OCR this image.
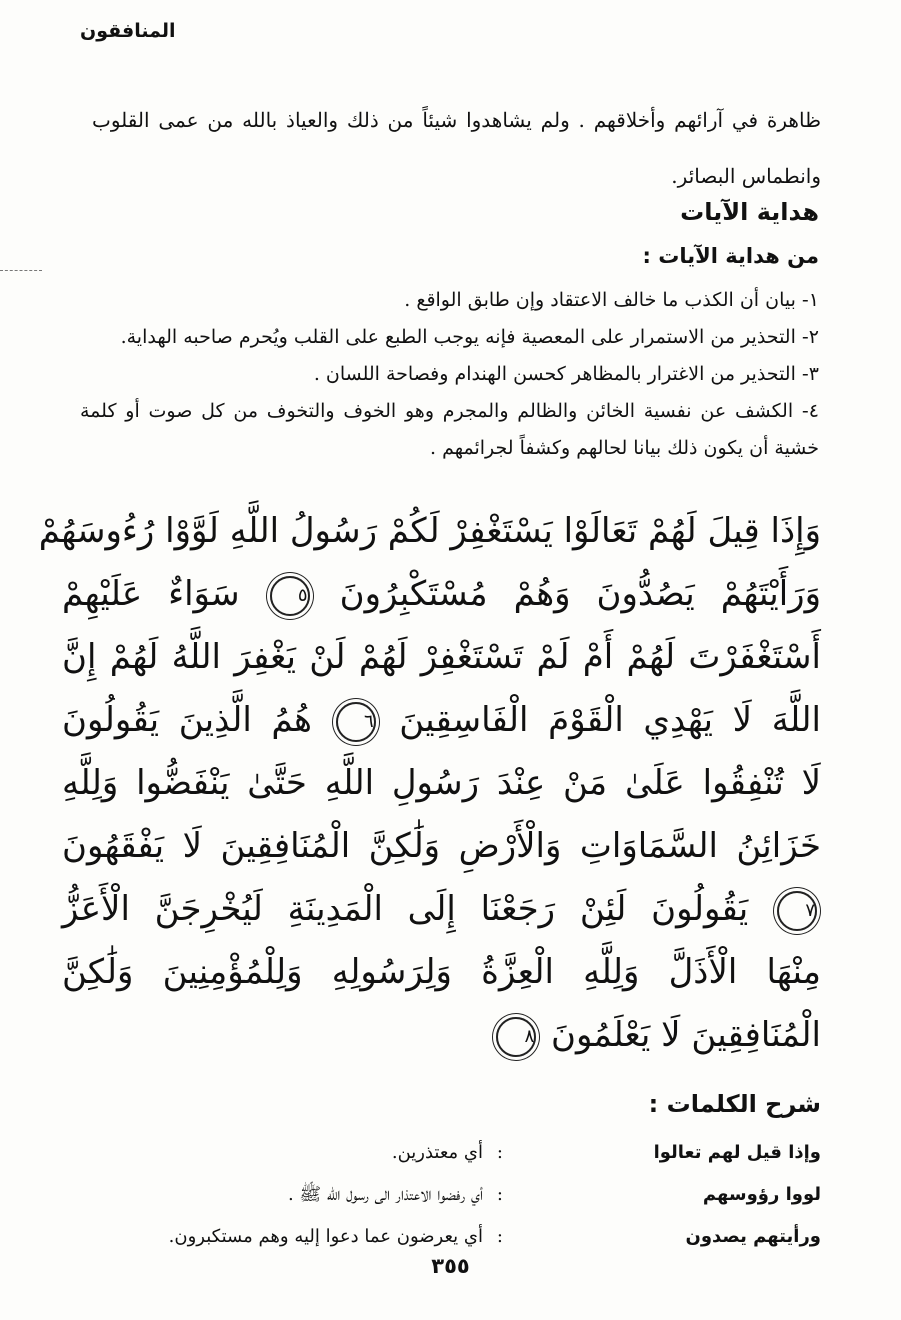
المنافقون

ظاهرة في آرائهم وأخلاقهم . ولم يشاهدوا شيئاً من ذلك والعياذ بالله من عمى القلوب وانطماس البصائر.

هداية الآيات
من هداية الآيات :
١- بيان أن الكذب ما خالف الاعتقاد وإن طابق الواقع .
٢- التحذير من الاستمرار على المعصية فإنه يوجب الطبع على القلب ويُحرم صاحبه الهداية.
٣- التحذير من الاغترار بالمظاهر كحسن الهندام وفصاحة اللسان .
٤- الكشف عن نفسية الخائن والظالم والمجرم وهو الخوف والتخوف من كل صوت أو كلمة خشية أن يكون ذلك بيانا لحالهم وكشفاً لجرائمهم .
وَإِذَا قِيلَ لَهُمْ تَعَالَوْا يَسْتَغْفِرْ لَكُمْ رَسُولُ اللَّهِ لَوَّوْا رُءُوسَهُمْ
وَرَأَيْتَهُمْ يَصُدُّونَ وَهُمْ مُسْتَكْبِرُونَ ٥ سَوَاءٌ عَلَيْهِمْ
أَسْتَغْفَرْتَ لَهُمْ أَمْ لَمْ تَسْتَغْفِرْ لَهُمْ لَنْ يَغْفِرَ اللَّهُ لَهُمْ إِنَّ
اللَّهَ لَا يَهْدِي الْقَوْمَ الْفَاسِقِينَ ٦ هُمُ الَّذِينَ يَقُولُونَ
لَا تُنْفِقُوا عَلَىٰ مَنْ عِنْدَ رَسُولِ اللَّهِ حَتَّىٰ يَنْفَضُّوا وَلِلَّهِ
خَزَائِنُ السَّمَاوَاتِ وَالْأَرْضِ وَلَٰكِنَّ الْمُنَافِقِينَ لَا يَفْقَهُونَ
٧ يَقُولُونَ لَئِنْ رَجَعْنَا إِلَى الْمَدِينَةِ لَيُخْرِجَنَّ الْأَعَزُّ
مِنْهَا الْأَذَلَّ وَلِلَّهِ الْعِزَّةُ وَلِرَسُولِهِ وَلِلْمُؤْمِنِينَ وَلَٰكِنَّ
الْمُنَافِقِينَ لَا يَعْلَمُونَ ٨
شرح الكلمات :
وإذا قيل لهم تعالوا
:
أي معتذرين.
لووا رؤوسهم
:
أي رفضوا الاعتذار الى رسول الله ﷺ .
ورأيتهم يصدون
:
أي يعرضون عما دعوا إليه وهم مستكبرون.
٣٥٥
